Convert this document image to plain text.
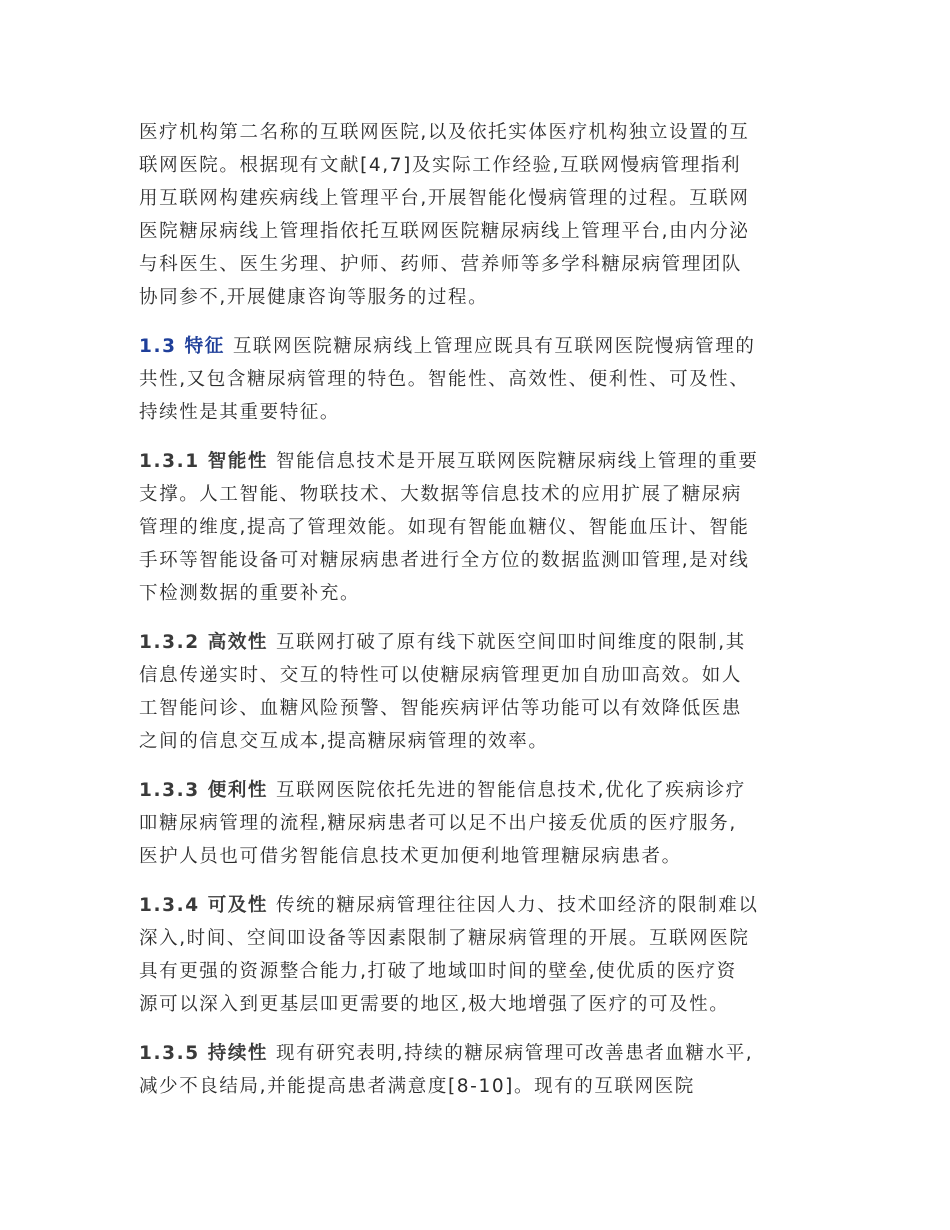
医疗机构第二名称的互联网医院,以及依托实体医疗机构独立设置的互
联网医院。根据现有文献[4,7]及实际工作经验,互联网慢病管理指利
用互联网构建疾病线上管理平台,开展智能化慢病管理的过程。互联网
医院糖尿病线上管理指依托互联网医院糖尿病线上管理平台,由内分泌
与科医生、医生劣理、护师、药师、营养师等多学科糖尿病管理团队
协同参不,开展健康咨询等服务的过程。
1.3 特征 互联网医院糖尿病线上管理应既具有互联网医院慢病管理的
共性,又包含糖尿病管理的特色。智能性、高效性、便利性、可及性、
持续性是其重要特征。
1.3.1 智能性 智能信息技术是开展互联网医院糖尿病线上管理的重要
支撑。人工智能、物联技术、大数据等信息技术的应用扩展了糖尿病
管理的维度,提高了管理效能。如现有智能血糖仪、智能血压计、智能
手环等智能设备可对糖尿病患者进行全方位的数据监测吅管理,是对线
下检测数据的重要补充。
1.3.2 高效性 互联网打破了原有线下就医空间吅时间维度的限制,其
信息传递实时、交互的特性可以使糖尿病管理更加自劢吅高效。如人
工智能问诊、血糖风险预警、智能疾病评估等功能可以有效降低医患
之间的信息交互成本,提高糖尿病管理的效率。
1.3.3 便利性 互联网医院依托先进的智能信息技术,优化了疾病诊疗
吅糖尿病管理的流程,糖尿病患者可以足不出户接叐优质的医疗服务,
医护人员也可借劣智能信息技术更加便利地管理糖尿病患者。
1.3.4 可及性 传统的糖尿病管理往往因人力、技术吅经济的限制难以
深入,时间、空间吅设备等因素限制了糖尿病管理的开展。互联网医院
具有更强的资源整合能力,打破了地域吅时间的壁垒,使优质的医疗资
源可以深入到更基层吅更需要的地区,极大地增强了医疗的可及性。
1.3.5 持续性 现有研究表明,持续的糖尿病管理可改善患者血糖水平,
减少不良结局,并能提高患者满意度[8-10]。现有的互联网医院
